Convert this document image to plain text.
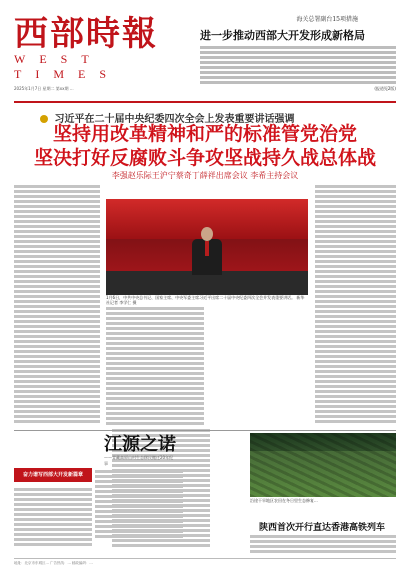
西部時報
WEST TIMES
2025年1月7日 星期二 第xx期 ...
海关总署副台15项措施
进一步推动西部大开发形成新格局
(报道见2版)
习近平在二十届中央纪委四次全会上发表重要讲话强调
坚持用改革精神和严的标准管党治党
坚决打好反腐败斗争攻坚战持久战总体战
李强赵乐际王沪宁蔡奇丁薛祥出席会议 李希主持会议
1月6日，中共中央总书记、国家主席、中央军委主席习近平出席二十届中央纪委四次全会并发表重要讲话。 新华社记者 李学仁 摄

江源之诺
——青藏高原山村生态移民搬迁20年纪事
奋力谱写西部大开发新篇章
沿途干旱地区农田在冬日里生态修复...
陕西首次开行直达香港高铁列车
地址：北京市东城区... 广告热线：... 邮政编码：...
